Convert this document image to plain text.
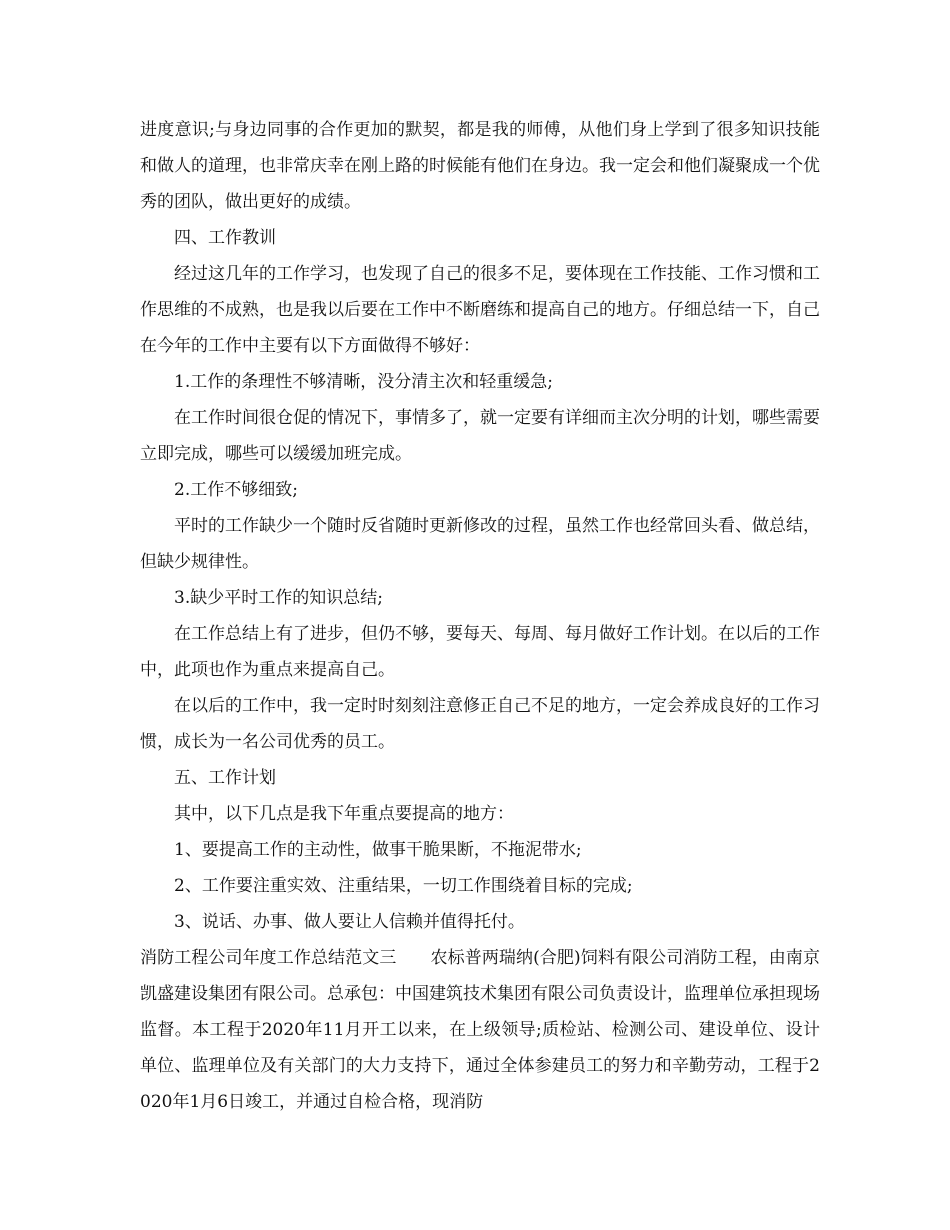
进度意识;与身边同事的合作更加的默契，都是我的师傅，从他们身上学到了很多知识技能和做人的道理，也非常庆幸在刚上路的时候能有他们在身边。我一定会和他们凝聚成一个优秀的团队，做出更好的成绩。

四、工作教训

经过这几年的工作学习，也发现了自己的很多不足，要体现在工作技能、工作习惯和工作思维的不成熟，也是我以后要在工作中不断磨练和提高自己的地方。仔细总结一下，自己在今年的工作中主要有以下方面做得不够好：

1.工作的条理性不够清晰，没分清主次和轻重缓急;

在工作时间很仓促的情况下，事情多了，就一定要有详细而主次分明的计划，哪些需要立即完成，哪些可以缓缓加班完成。

2.工作不够细致;

平时的工作缺少一个随时反省随时更新修改的过程，虽然工作也经常回头看、做总结，但缺少规律性。

3.缺少平时工作的知识总结;

在工作总结上有了进步，但仍不够，要每天、每周、每月做好工作计划。在以后的工作中，此项也作为重点来提高自己。

在以后的工作中，我一定时时刻刻注意修正自己不足的地方，一定会养成良好的工作习惯，成长为一名公司优秀的员工。

五、工作计划

其中，以下几点是我下年重点要提高的地方：

1、要提高工作的主动性，做事干脆果断，不拖泥带水;

2、工作要注重实效、注重结果，一切工作围绕着目标的完成;

3、说话、办事、做人要让人信赖并值得托付。

消防工程公司年度工作总结范文三 农标普两瑞纳(合肥)饲料有限公司消防工程，由南京凯盛建设集团有限公司。总承包：中国建筑技术集团有限公司负责设计，监理单位承担现场监督。本工程于2020年11月开工以来，在上级领导;质检站、检测公司、建设单位、设计单位、监理单位及有关部门的大力支持下，通过全体参建员工的努力和辛勤劳动，工程于2020年1月6日竣工，并通过自检合格，现消防
